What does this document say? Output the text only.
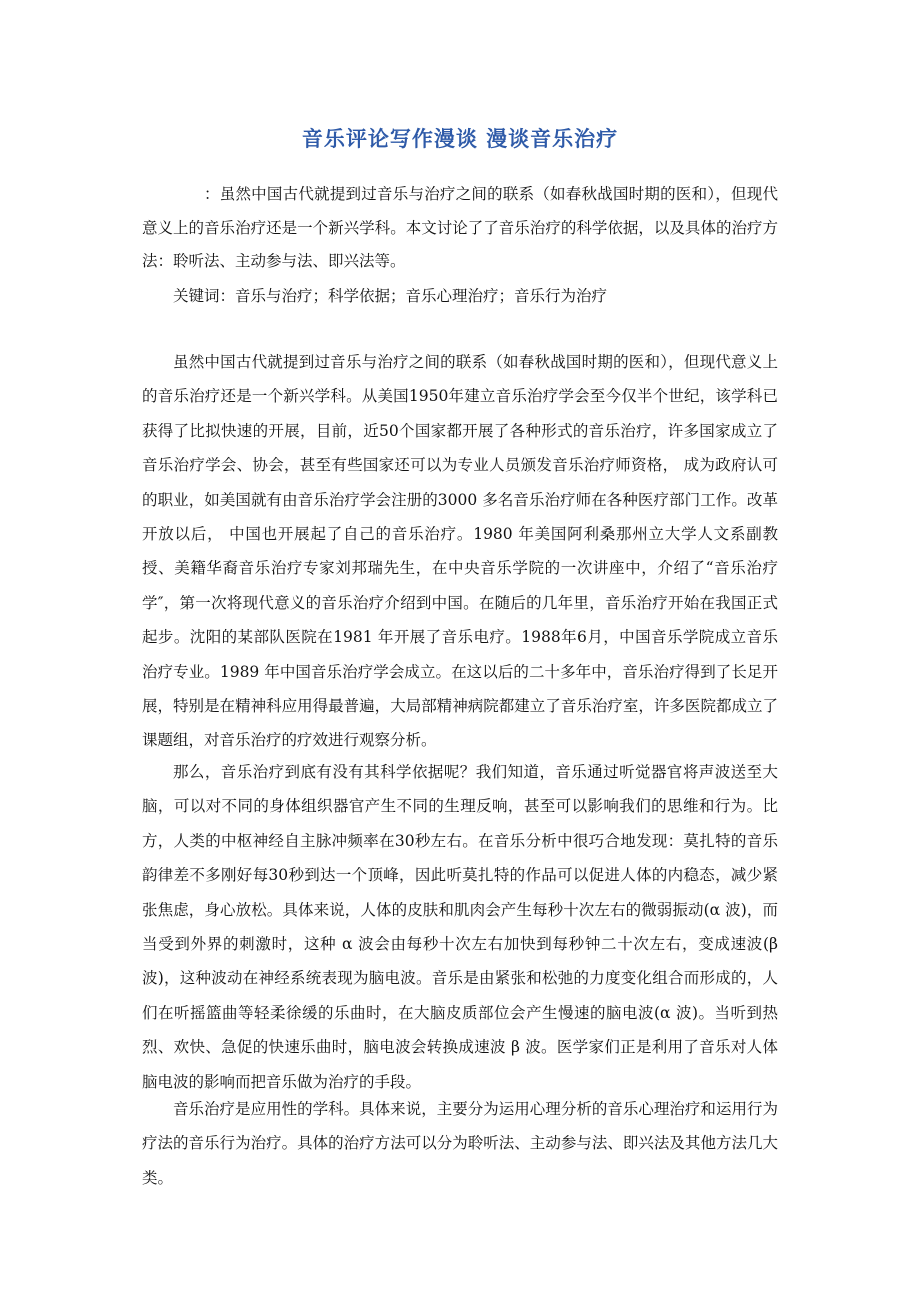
音乐评论写作漫谈 漫谈音乐治疗
：虽然中国古代就提到过音乐与治疗之间的联系（如春秋战国时期的医和），但现代意义上的音乐治疗还是一个新兴学科。本文讨论了了音乐治疗的科学依据，以及具体的治疗方法：聆听法、主动参与法、即兴法等。
关键词：音乐与治疗；科学依据；音乐心理治疗；音乐行为治疗

虽然中国古代就提到过音乐与治疗之间的联系（如春秋战国时期的医和），但现代意义上的音乐治疗还是一个新兴学科。从美国1950年建立音乐治疗学会至今仅半个世纪，该学科已获得了比拟快速的开展，目前，近50个国家都开展了各种形式的音乐治疗，许多国家成立了音乐治疗学会、协会，甚至有些国家还可以为专业人员颁发音乐治疗师资格， 成为政府认可的职业，如美国就有由音乐治疗学会注册的3000 多名音乐治疗师在各种医疗部门工作。改革开放以后， 中国也开展起了自己的音乐治疗。1980 年美国阿利桑那州立大学人文系副教授、美籍华裔音乐治疗专家刘邦瑞先生，在中央音乐学院的一次讲座中，介绍了“音乐治疗学″，第一次将现代意义的音乐治疗介绍到中国。在随后的几年里，音乐治疗开始在我国正式起步。沈阳的某部队医院在1981 年开展了音乐电疗。1988年6月，中国音乐学院成立音乐治疗专业。1989 年中国音乐治疗学会成立。在这以后的二十多年中，音乐治疗得到了长足开展，特别是在精神科应用得最普遍，大局部精神病院都建立了音乐治疗室，许多医院都成立了课题组，对音乐治疗的疗效进行观察分析。

那么，音乐治疗到底有没有其科学依据呢？我们知道，音乐通过听觉器官将声波送至大脑，可以对不同的身体组织器官产生不同的生理反响，甚至可以影响我们的思维和行为。比方，人类的中枢神经自主脉冲频率在30秒左右。在音乐分析中很巧合地发现：莫扎特的音乐韵律差不多刚好每30秒到达一个顶峰，因此听莫扎特的作品可以促进人体的内稳态，减少紧张焦虑，身心放松。具体来说，人体的皮肤和肌肉会产生每秒十次左右的微弱振动(α 波)，而当受到外界的刺激时，这种 α 波会由每秒十次左右加快到每秒钟二十次左右，变成速波(β 波)，这种波动在神经系统表现为脑电波。音乐是由紧张和松弛的力度变化组合而形成的，人们在听摇篮曲等轻柔徐缓的乐曲时，在大脑皮质部位会产生慢速的脑电波(α 波)。当听到热烈、欢快、急促的快速乐曲时，脑电波会转换成速波 β 波。医学家们正是利用了音乐对人体脑电波的影响而把音乐做为治疗的手段。

音乐治疗是应用性的学科。具体来说，主要分为运用心理分析的音乐心理治疗和运用行为疗法的音乐行为治疗。具体的治疗方法可以分为聆听法、主动参与法、即兴法及其他方法几大类。
